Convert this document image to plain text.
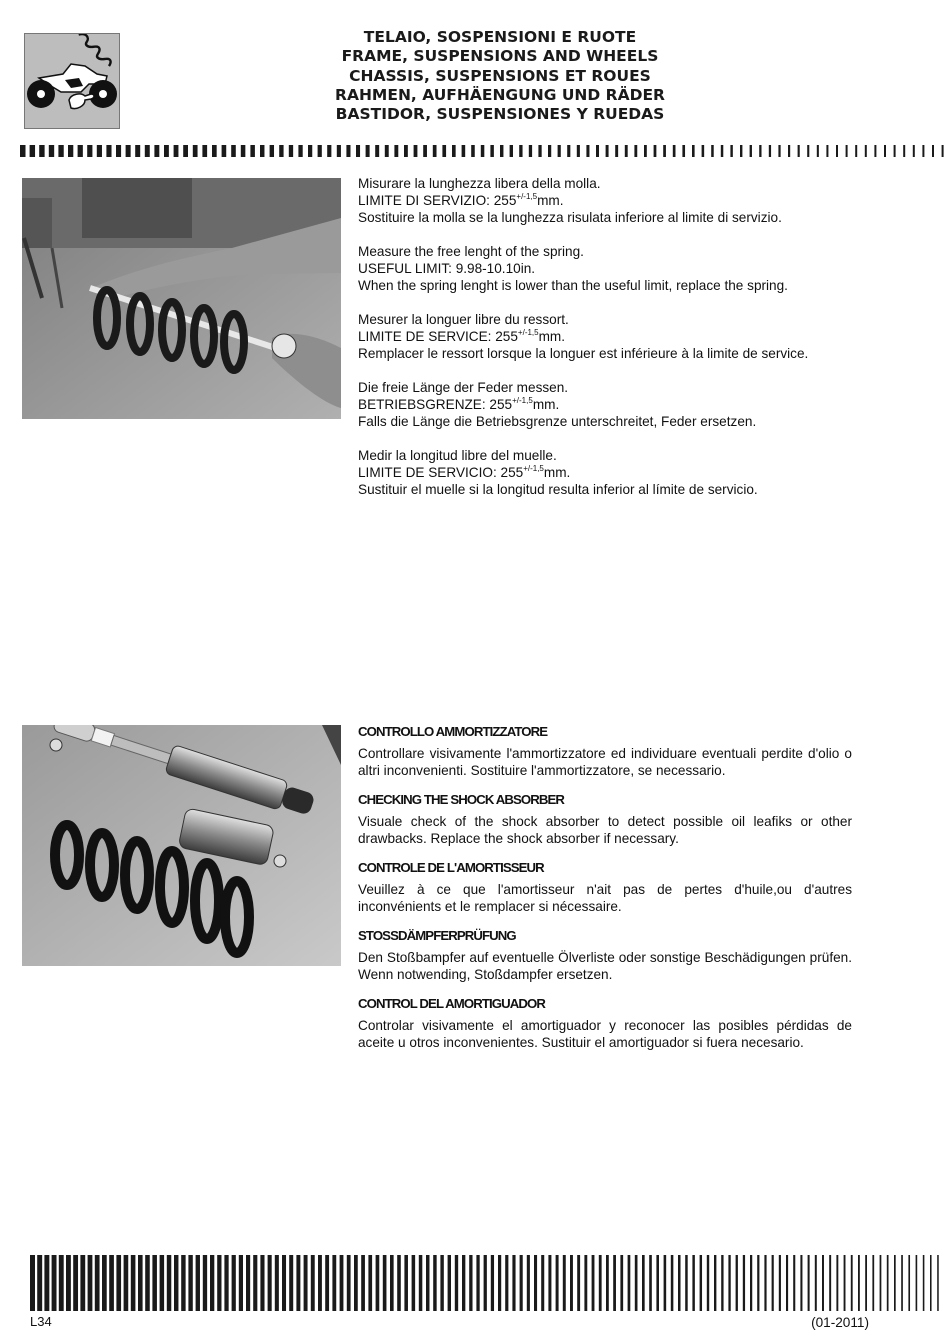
TELAIO, SOSPENSIONI E RUOTE
FRAME, SUSPENSIONS AND WHEELS
CHASSIS, SUSPENSIONS ET ROUES
RAHMEN, AUFHÄENGUNG UND RÄDER
BASTIDOR, SUSPENSIONES Y RUEDAS

Misurare la lunghezza libera della molla.

LIMITE DI SERVIZIO: $255^{+/-1,5}mm$.

Sostituire la molla se la lunghezza risulata inferiore al limite di servizio.

Measure the free lenght of the spring.

USEFUL LIMIT: 9.98-10.10in.

When the spring lenght is lower than the useful limit, replace the spring.

Mesurer la longuer libre du ressort.

LIMITE DE SERVICE: $255^{+/-1,5}mm$.

Remplacer le ressort lorsque la longuer est inférieure à la limite de service.

Die freie Länge der Feder messen.

BETRIEBSGRENZE: $255^{+/-1,5}mm$.

Falls die Länge die Betriebsgrenze unterschreitet, Feder ersetzen.

Medir la longitud libre del muelle.

LIMITE DE SERVICIO: $255^{+/-1,5}mm$.

Sustituir el muelle si la longitud resulta inferior al límite de servicio.

CONTROLLO AMMORTIZZATORE

Controllare visivamente l'ammortizzatore ed individuare eventuali perdite d'olio o altri inconvenienti. Sostituire l'ammortizzatore, se necessario.

CHECKING THE SHOCK ABSORBER

Visuale check of the shock absorber to detect possible oil leafiks or other drawbacks. Replace the shock absorber if necessary.

CONTROLE DE L'AMORTISSEUR

Veuillez à ce que l'amortisseur n'ait pas de pertes d'huile,ou d'autres inconvénients et le remplacer si nécessaire.

STOSSDÄMPFERPRÜFUNG

Den Stoßbampfer auf eventuelle Ölverliste oder sonstige Beschädigungen prüfen. Wenn notwending, Stoßdampfer ersetzen.

CONTROL DEL AMORTIGUADOR

Controlar visivamente el amortiguador y reconocer las posibles pérdidas de aceite u otros inconvenientes. Sustituir el amortiguador si fuera necesario.

L34	(01-2011)
